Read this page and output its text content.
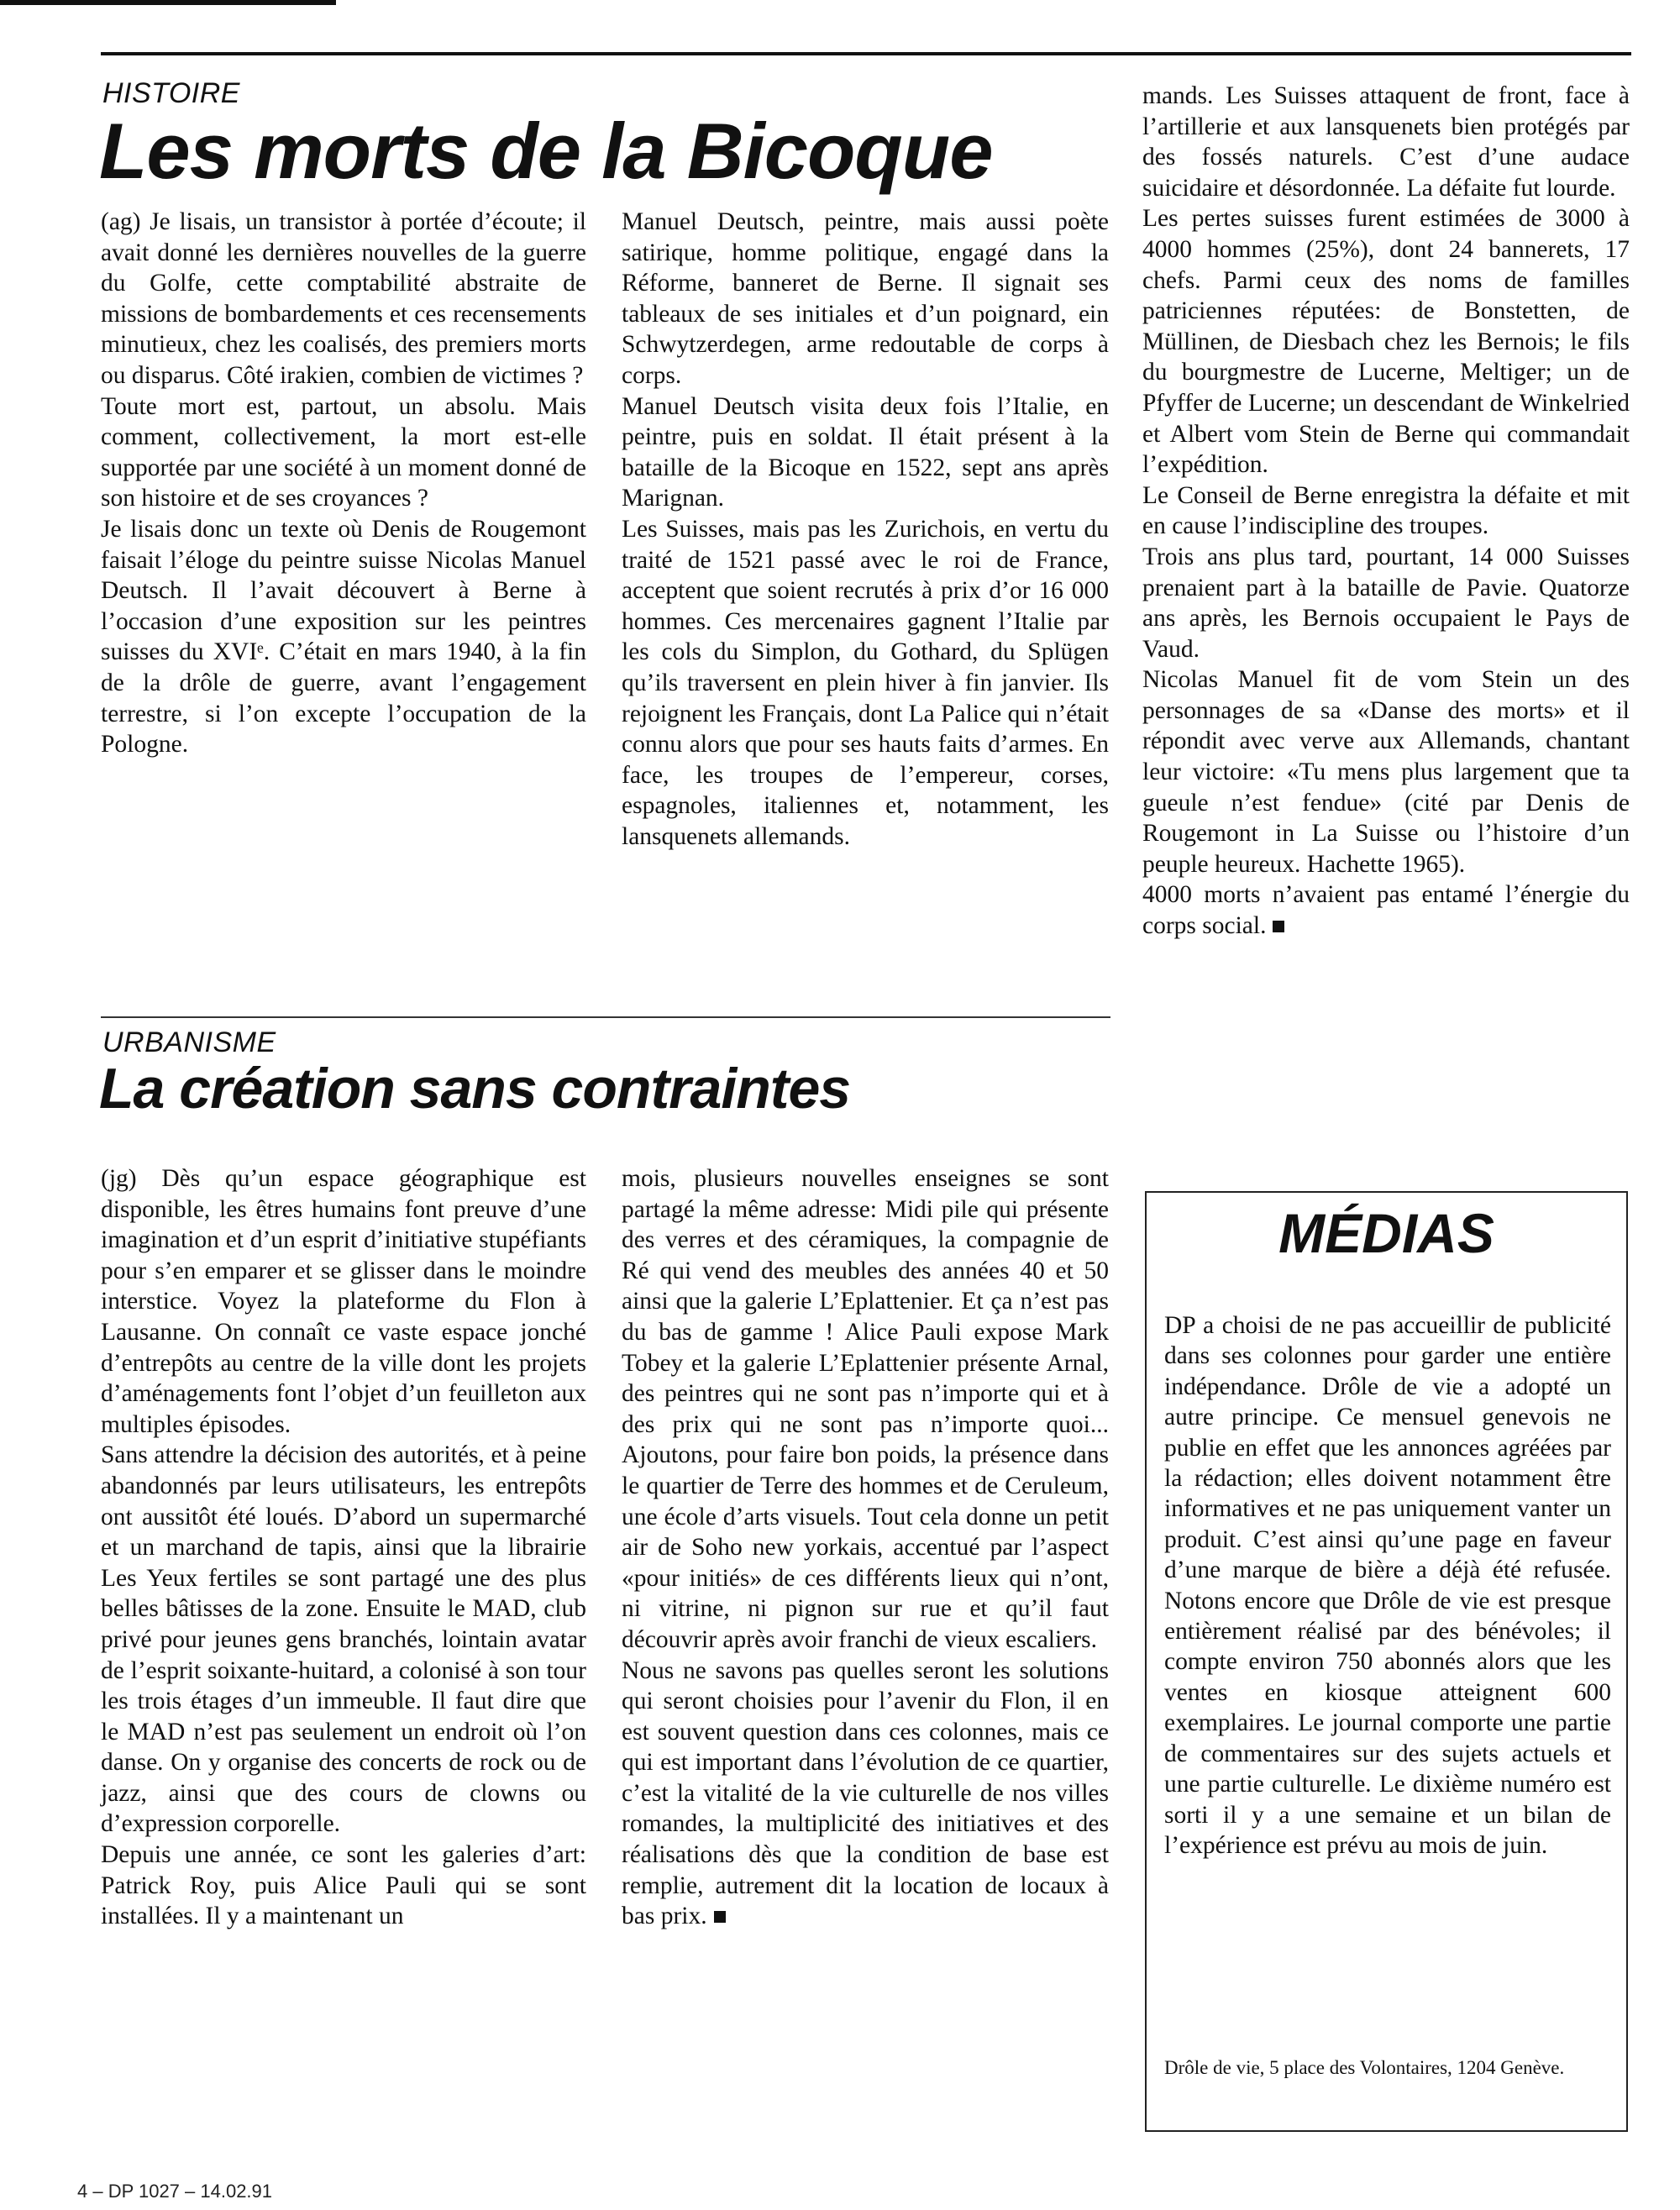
HISTOIRE
Les morts de la Bicoque

(ag) Je lisais, un transistor à portée d’écoute; il avait donné les dernières nouvelles de la guerre du Golfe, cette comptabilité abstraite de missions de bombardements et ces recensements minutieux, chez les coalisés, des premiers morts ou disparus. Côté irakien, combien de victimes ?

Toute mort est, partout, un absolu. Mais comment, collectivement, la mort est-elle supportée par une société à un moment donné de son histoire et de ses croyances ?

Je lisais donc un texte où Denis de Rougemont faisait l’éloge du peintre suisse Nicolas Manuel Deutsch. Il l’avait découvert à Berne à l’occasion d’une exposition sur les peintres suisses du XVIᵉ. C’était en mars 1940, à la fin de la drôle de guerre, avant l’engagement terrestre, si l’on excepte l’occupation de la Pologne.

Manuel Deutsch, peintre, mais aussi poète satirique, homme politique, engagé dans la Réforme, banneret de Berne. Il signait ses tableaux de ses initiales et d’un poignard, ein Schwytzerdegen, arme redoutable de corps à corps.

Manuel Deutsch visita deux fois l’Italie, en peintre, puis en soldat. Il était présent à la bataille de la Bicoque en 1522, sept ans après Marignan.

Les Suisses, mais pas les Zurichois, en vertu du traité de 1521 passé avec le roi de France, acceptent que soient recrutés à prix d’or 16 000 hommes. Ces mercenaires gagnent l’Italie par les cols du Simplon, du Gothard, du Splügen qu’ils traversent en plein hiver à fin janvier. Ils rejoignent les Français, dont La Palice qui n’était connu alors que pour ses hauts faits d’armes. En face, les troupes de l’empereur, corses, espagnoles, italiennes et, notamment, les lansquenets allemands.

mands. Les Suisses attaquent de front, face à l’artillerie et aux lansquenets bien protégés par des fossés naturels. C’est d’une audace suicidaire et désordonnée. La défaite fut lourde.

Les pertes suisses furent estimées de 3000 à 4000 hommes (25%), dont 24 bannerets, 17 chefs. Parmi ceux des noms de familles patriciennes réputées: de Bonstetten, de Müllinen, de Diesbach chez les Bernois; le fils du bourgmestre de Lucerne, Meltiger; un de Pfyffer de Lucerne; un descendant de Winkelried et Albert vom Stein de Berne qui commandait l’expédition.

Le Conseil de Berne enregistra la défaite et mit en cause l’indiscipline des troupes.

Trois ans plus tard, pourtant, 14 000 Suisses prenaient part à la bataille de Pavie. Quatorze ans après, les Bernois occupaient le Pays de Vaud.

Nicolas Manuel fit de vom Stein un des personnages de sa «Danse des morts» et il répondit avec verve aux Allemands, chantant leur victoire: «Tu mens plus largement que ta gueule n’est fendue» (cité par Denis de Rougemont in La Suisse ou l’histoire d’un peuple heureux. Hachette 1965).

4000 morts n’avaient pas entamé l’énergie du corps social.

URBANISME
La création sans contraintes

(jg) Dès qu’un espace géographique est disponible, les êtres humains font preuve d’une imagination et d’un esprit d’initiative stupéfiants pour s’en emparer et se glisser dans le moindre interstice. Voyez la plateforme du Flon à Lausanne. On connaît ce vaste espace jonché d’entrepôts au centre de la ville dont les projets d’aménagements font l’objet d’un feuilleton aux multiples épisodes.

Sans attendre la décision des autorités, et à peine abandonnés par leurs utilisateurs, les entrepôts ont aussitôt été loués. D’abord un supermarché et un marchand de tapis, ainsi que la librairie Les Yeux fertiles se sont partagé une des plus belles bâtisses de la zone. Ensuite le MAD, club privé pour jeunes gens branchés, lointain avatar de l’esprit soixante-huitard, a colonisé à son tour les trois étages d’un immeuble. Il faut dire que le MAD n’est pas seulement un endroit où l’on danse. On y organise des concerts de rock ou de jazz, ainsi que des cours de clowns ou d’expression corporelle.

Depuis une année, ce sont les galeries d’art: Patrick Roy, puis Alice Pauli qui se sont installées. Il y a maintenant un

mois, plusieurs nouvelles enseignes se sont partagé la même adresse: Midi pile qui présente des verres et des céramiques, la compagnie de Ré qui vend des meubles des années 40 et 50 ainsi que la galerie L’Eplattenier. Et ça n’est pas du bas de gamme ! Alice Pauli expose Mark Tobey et la galerie L’Eplattenier présente Arnal, des peintres qui ne sont pas n’importe qui et à des prix qui ne sont pas n’importe quoi... Ajoutons, pour faire bon poids, la présence dans le quartier de Terre des hommes et de Ceruleum, une école d’arts visuels. Tout cela donne un petit air de Soho new yorkais, accentué par l’aspect «pour initiés» de ces différents lieux qui n’ont, ni vitrine, ni pignon sur rue et qu’il faut découvrir après avoir franchi de vieux escaliers.

Nous ne savons pas quelles seront les solutions qui seront choisies pour l’avenir du Flon, il en est souvent question dans ces colonnes, mais ce qui est important dans l’évolution de ce quartier, c’est la vitalité de la vie culturelle de nos villes romandes, la multiplicité des initiatives et des réalisations dès que la condition de base est remplie, autrement dit la location de locaux à bas prix.

MÉDIAS

DP a choisi de ne pas accueillir de publicité dans ses colonnes pour garder une entière indépendance. Drôle de vie a adopté un autre principe. Ce mensuel genevois ne publie en effet que les annonces agréées par la rédaction; elles doivent notamment être informatives et ne pas uniquement vanter un produit. C’est ainsi qu’une page en faveur d’une marque de bière a déjà été refusée. Notons encore que Drôle de vie est presque entièrement réalisé par des bénévoles; il compte environ 750 abonnés alors que les ventes en kiosque atteignent 600 exemplaires. Le journal comporte une partie de commentaires sur des sujets actuels et une partie culturelle. Le dixième numéro est sorti il y a une semaine et un bilan de l’expérience est prévu au mois de juin.

Drôle de vie, 5 place des Volontaires, 1204 Genève.
4 – DP 1027 – 14.02.91
